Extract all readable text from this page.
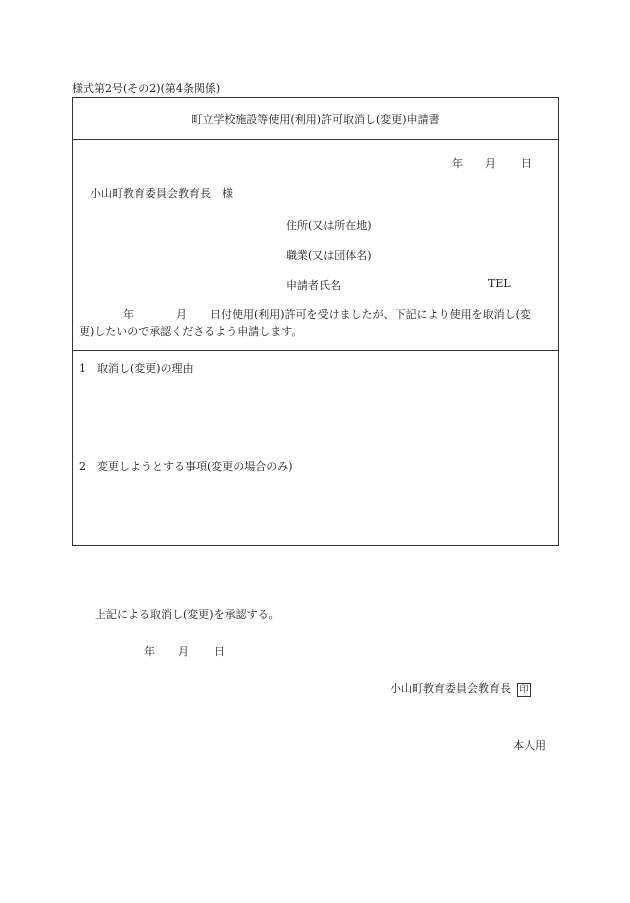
様式第2号(その2)(第4条関係)
町立学校施設等使用(利用)許可取消し(変更)申請書
年 月 日
小山町教育委員会教育長　様
住所(又は所在地)
職業(又は団体名)
申請者氏名	TEL
年	月 日付使用(利用)許可を受けましたが、下記により使用を取消し(変
更)したいので承認くださるよう申請します。
1　取消し(変更)の理由
2　変更しようとする事項(変更の場合のみ)
上記による取消し(変更)を承認する。
年 月 日
小山町教育委員会教育長 印
本人用
